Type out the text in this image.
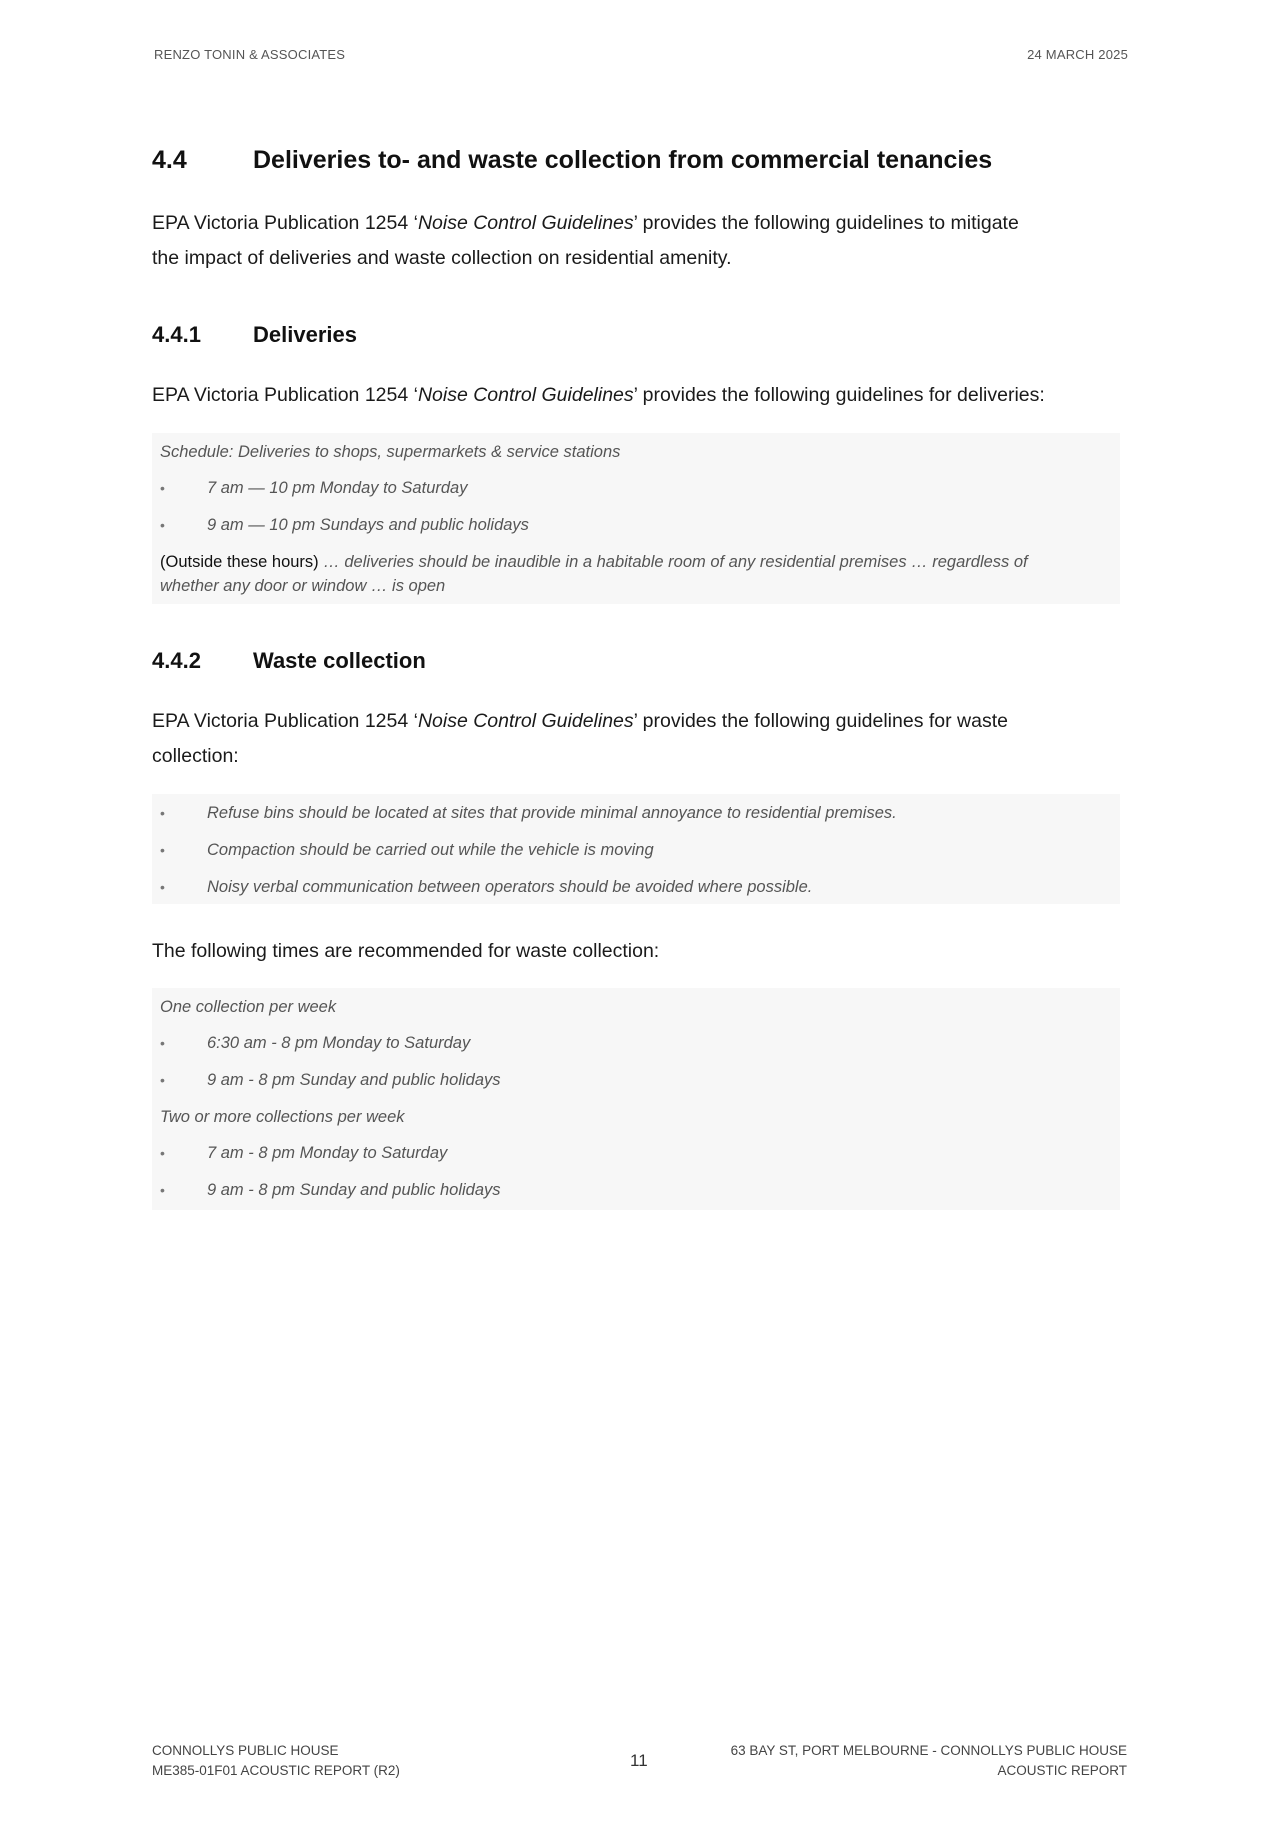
RENZO TONIN & ASSOCIATES	24 MARCH 2025
4.4	Deliveries to- and waste collection from commercial tenancies
EPA Victoria Publication 1254 ‘Noise Control Guidelines’ provides the following guidelines to mitigate
the impact of deliveries and waste collection on residential amenity.
4.4.1	Deliveries
EPA Victoria Publication 1254 ‘Noise Control Guidelines’ provides the following guidelines for deliveries:
Schedule: Deliveries to shops, supermarkets & service stations
•	7 am — 10 pm Monday to Saturday
•	9 am — 10 pm Sundays and public holidays
(Outside these hours) … deliveries should be inaudible in a habitable room of any residential premises … regardless of
whether any door or window … is open
4.4.2	Waste collection
EPA Victoria Publication 1254 ‘Noise Control Guidelines’ provides the following guidelines for waste
collection:
•	Refuse bins should be located at sites that provide minimal annoyance to residential premises.
•	Compaction should be carried out while the vehicle is moving
•	Noisy verbal communication between operators should be avoided where possible.
The following times are recommended for waste collection:
One collection per week
•	6:30 am - 8 pm Monday to Saturday
•	9 am - 8 pm Sunday and public holidays
Two or more collections per week
•	7 am - 8 pm Monday to Saturday
•	9 am - 8 pm Sunday and public holidays
CONNOLLYS PUBLIC HOUSE
ME385-01F01 ACOUSTIC REPORT (R2)
11
63 BAY ST, PORT MELBOURNE - CONNOLLYS PUBLIC HOUSE
ACOUSTIC REPORT
